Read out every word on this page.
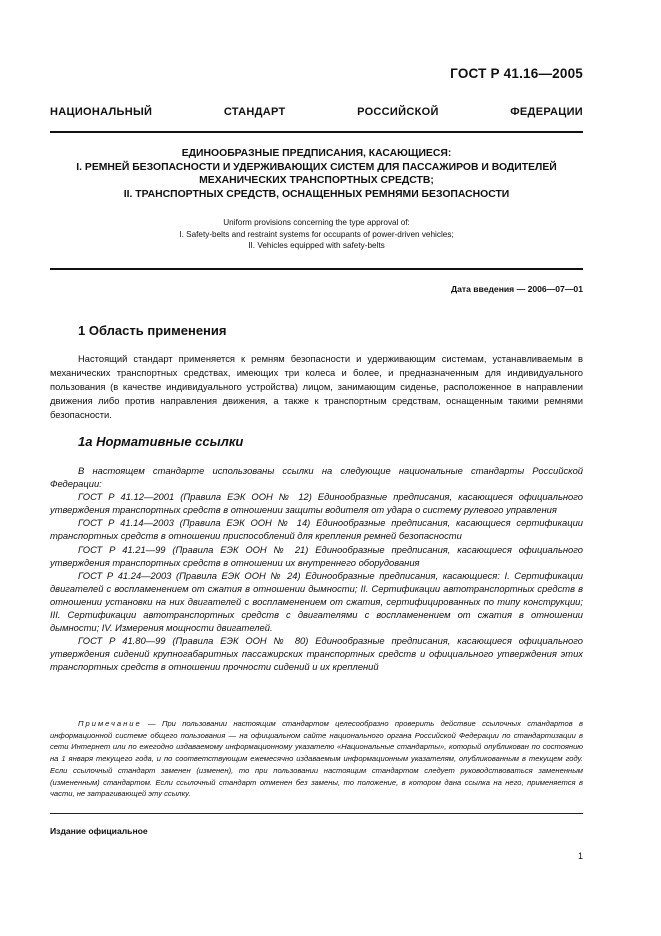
ГОСТ Р 41.16—2005
НАЦИОНАЛЬНЫЙ СТАНДАРТ РОССИЙСКОЙ ФЕДЕРАЦИИ
ЕДИНООБРАЗНЫЕ ПРЕДПИСАНИЯ, КАСАЮЩИЕСЯ:
I. РЕМНЕЙ БЕЗОПАСНОСТИ И УДЕРЖИВАЮЩИХ СИСТЕМ ДЛЯ ПАССАЖИРОВ И ВОДИТЕЛЕЙ
МЕХАНИЧЕСКИХ ТРАНСПОРТНЫХ СРЕДСТВ;
II. ТРАНСПОРТНЫХ СРЕДСТВ, ОСНАЩЕННЫХ РЕМНЯМИ БЕЗОПАСНОСТИ
Uniform provisions concerning the type approval of:
I. Safety-belts and restraint systems for occupants of power-driven vehicles;
II. Vehicles equipped with safety-belts
Дата введения — 2006—07—01
1 Область применения

Настоящий стандарт применяется к ремням безопасности и удерживающим системам, устанавливаемым в механических транспортных средствах, имеющих три колеса и более, и предназначенным для индивидуального пользования (в качестве индивидуального устройства) лицом, занимающим сиденье, расположенное в направлении движения либо против направления движения, а также к транспортным средствам, оснащенным такими ремнями безопасности.

1а Нормативные ссылки

В настоящем стандарте использованы ссылки на следующие национальные стандарты Российской Федерации:

ГОСТ Р 41.12—2001 (Правила ЕЭК ООН № 12) Единообразные предписания, касающиеся официального утверждения транспортных средств в отношении защиты водителя от удара о систему рулевого управления

ГОСТ Р 41.14—2003 (Правила ЕЭК ООН № 14) Единообразные предписания, касающиеся сертификации транспортных средств в отношении приспособлений для крепления ремней безопасности

ГОСТ Р 41.21—99 (Правила ЕЭК ООН № 21) Единообразные предписания, касающиеся официального утверждения транспортных средств в отношении их внутреннего оборудования

ГОСТ Р 41.24—2003 (Правила ЕЭК ООН № 24) Единообразные предписания, касающиеся: I. Сертификации двигателей с воспламенением от сжатия в отношении дымности; II. Сертификации автотранспортных средств в отношении установки на них двигателей с воспламенением от сжатия, сертифицированных по типу конструкции; III. Сертификации автотранспортных средств с двигателями с воспламенением от сжатия в отношении дымности; IV. Измерения мощности двигателей.

ГОСТ Р 41.80—99 (Правила ЕЭК ООН № 80) Единообразные предписания, касающиеся официального утверждения сидений крупногабаритных пассажирских транспортных средств и официального утверждения этих транспортных средств в отношении прочности сидений и их креплений

Примечание — При пользовании настоящим стандартом целесообразно проверить действие ссылочных стандартов в информационной системе общего пользования — на официальном сайте национального органа Российской Федерации по стандартизации в сети Интернет или по ежегодно издаваемому информационному указателю «Национальные стандарты», который опубликован по состоянию на 1 января текущего года, и по соответствующим ежемесячно издаваемым информационным указателям, опубликованным в текущем году. Если ссылочный стандарт заменен (изменен), то при пользовании настоящим стандартом следует руководствоваться замененным (измененным) стандартом. Если ссылочный стандарт отменен без замены, то положение, в котором дана ссылка на него, применяется в части, не затрагивающей эту ссылку.

Издание официальное
1
